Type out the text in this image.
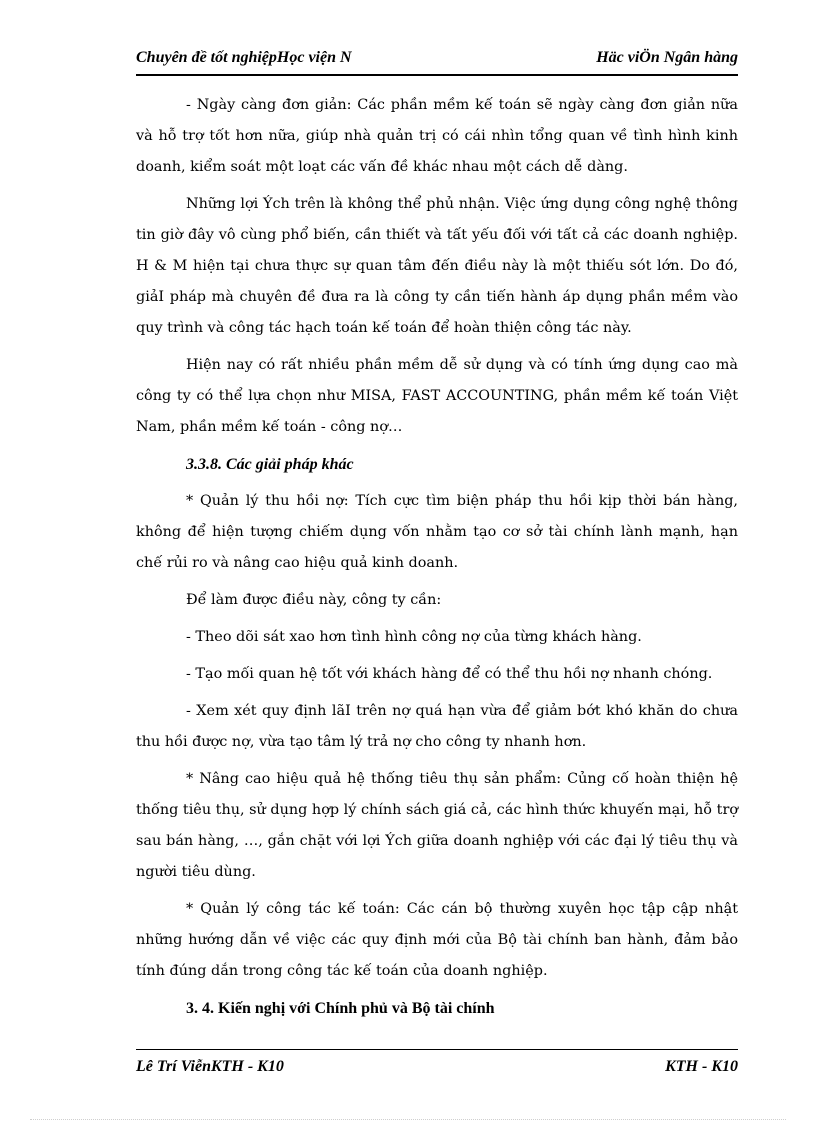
Chuyên đề tốt nghiệpHọc viện N	Häc viÖn Ngân hàng

- Ngày càng đơn giản: Các phần mềm kế toán sẽ ngày càng đơn giản nữa và hỗ trợ tốt hơn nữa, giúp nhà quản trị có cái nhìn tổng quan về tình hình kinh doanh, kiểm soát một loạt các vấn đề khác nhau một cách dễ dàng.

Những lợi Ých trên là không thể phủ nhận. Việc ứng dụng công nghệ thông tin giờ đây vô cùng phổ biến, cần thiết và tất yếu đối với tất cả các doanh nghiệp. H & M hiện tại chưa thực sự quan tâm đến điều này là một thiếu sót lớn. Do đó, giảI pháp mà chuyên đề đưa ra là công ty cần tiến hành áp dụng phần mềm vào quy trình và công tác hạch toán kế toán để hoàn thiện công tác này.

Hiện nay có rất nhiều phần mềm dễ sử dụng và có tính ứng dụng cao mà công ty có thể lựa chọn như MISA, FAST ACCOUNTING, phần mềm kế toán Việt Nam, phần mềm kế toán - công nợ…

3.3.8. Các giải pháp khác

* Quản lý thu hồi nợ: Tích cực tìm biện pháp thu hồi kịp thời bán hàng, không để hiện tượng chiếm dụng vốn nhằm tạo cơ sở tài chính lành mạnh, hạn chế rủi ro và nâng cao hiệu quả kinh doanh.

Để làm được điều này, công ty cần:

- Theo dõi sát xao hơn tình hình công nợ của từng khách hàng.

- Tạo mối quan hệ tốt với khách hàng để có thể thu hồi nợ nhanh chóng.

- Xem xét quy định lãI trên nợ quá hạn vừa để giảm bớt khó khăn do chưa thu hồi được nợ, vừa tạo tâm lý trả nợ cho công ty nhanh hơn.

* Nâng cao hiệu quả hệ thống tiêu thụ sản phẩm: Củng cố hoàn thiện hệ thống tiêu thụ, sử dụng hợp lý chính sách giá cả, các hình thức khuyến mại, hỗ trợ sau bán hàng, …, gắn chặt với lợi Ých giữa doanh nghiệp với các đại lý tiêu thụ và người tiêu dùng.

* Quản lý công tác kế toán: Các cán bộ thường xuyên học tập cập nhật những hướng dẫn về việc các quy định mới của Bộ tài chính ban hành, đảm bảo tính đúng dắn trong công tác kế toán của doanh nghiệp.

3. 4. Kiến nghị với Chính phủ và Bộ tài chính

Lê Trí ViễnKTH - K10	KTH - K10
